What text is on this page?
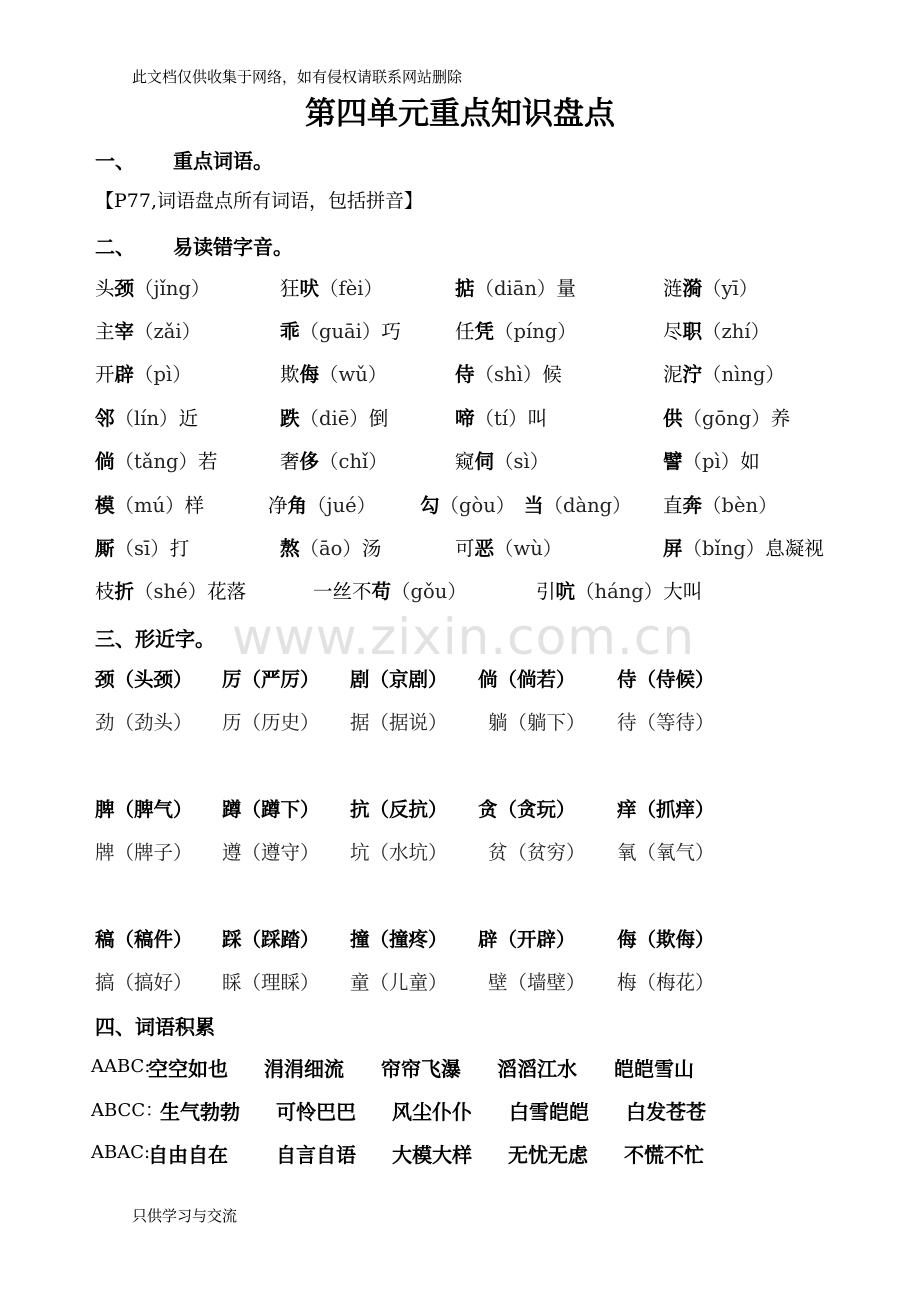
www.zixin.com.cn
此文档仅供收集于网络，如有侵权请联系网站删除
第四单元重点知识盘点
一、 重点词语。
【P77,词语盘点所有词语，包括拼音】
二、 易读错字音。
头颈（jǐng）	狂吠（fèi）	掂（diān）量	涟漪（yī）
主宰（zǎi）	乖（guāi）巧	任凭（píng）	尽职（zhí）
开辟（pì）	欺侮（wǔ）	侍（shì）候	泥泞（nìng）
邻（lín）近	跌（diē）倒	啼（tí）叫	供（gōng）养
倘（tǎng）若	奢侈（chǐ）	窥伺（sì）	譬（pì）如
模（mú）样	净角（jué） 勾（gòu） 当（dàng） 直奔（bèn）
厮（sī）打	熬（āo）汤	可恶（wù）	屏（bǐng）息凝视
枝折（shé）花落	一丝不苟（gǒu）	引吭（háng）大叫
三、形近字。
颈（头颈） 厉（严厉） 剧（京剧） 倘（倘若） 侍（侍候）
劲（劲头） 历（历史） 据（据说） 躺（躺下） 待（等待）
脾（脾气） 蹲（蹲下） 抗（反抗） 贪（贪玩） 痒（抓痒）
牌（牌子） 遵（遵守） 坑（水坑） 贫（贫穷） 氧（氧气）
稿（稿件） 踩（踩踏） 撞（撞疼） 辟（开辟） 侮（欺侮）
搞（搞好） 睬（理睬） 童（儿童） 壁（墙壁） 梅（梅花）
四、词语积累
AABC:
空空如也 涓涓细流 帘帘飞瀑 滔滔江水 皑皑雪山
ABCC：
生气勃勃 可怜巴巴 风尘仆仆 白雪皑皑 白发苍苍
ABAC:
自由自在 自言自语 大模大样 无忧无虑 不慌不忙
只供学习与交流
